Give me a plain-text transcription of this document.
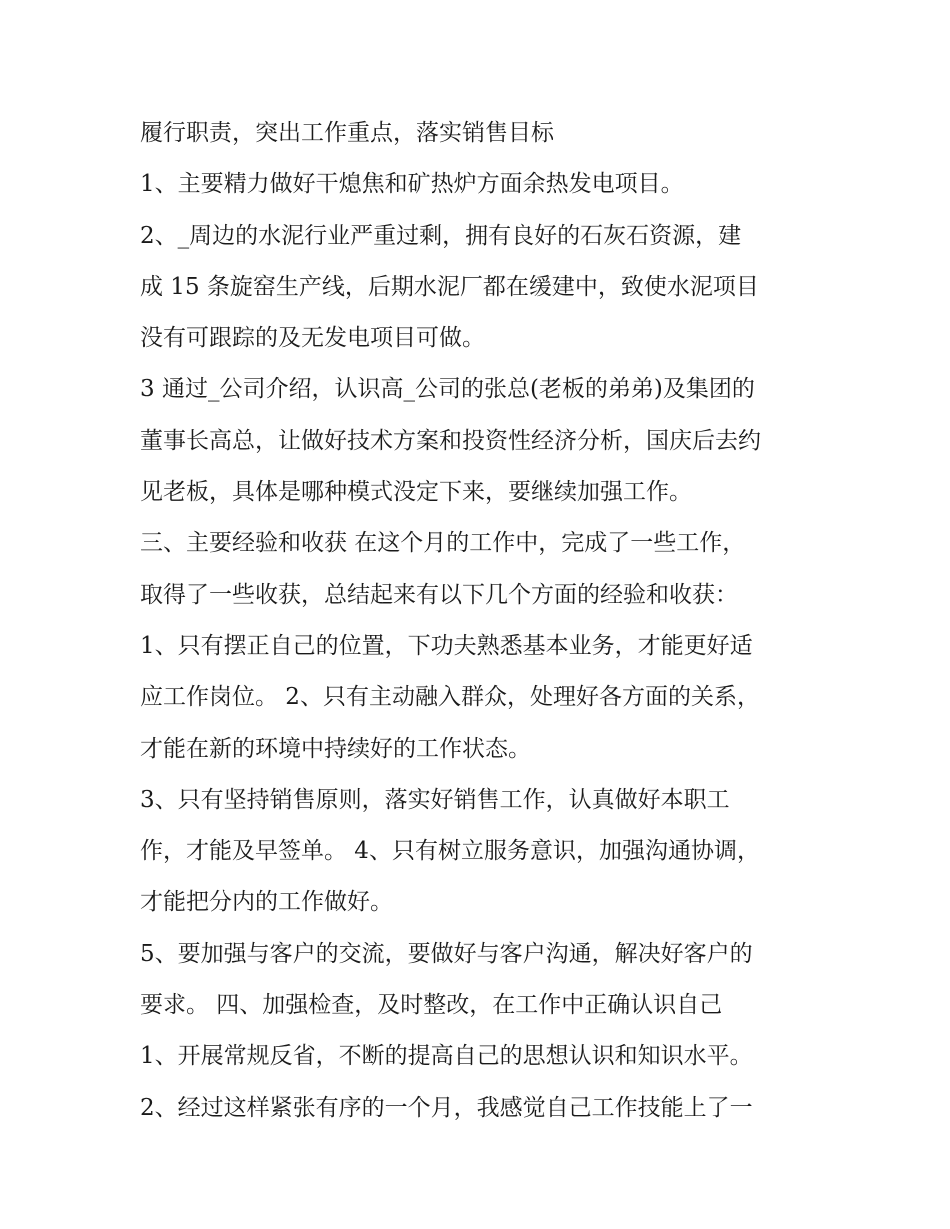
履行职责，突出工作重点，落实销售目标
1、主要精力做好干熄焦和矿热炉方面余热发电项目。
2、_周边的水泥行业严重过剩，拥有良好的石灰石资源，建
成 15 条旋窑生产线，后期水泥厂都在缓建中，致使水泥项目
没有可跟踪的及无发电项目可做。
3 通过_公司介绍，认识高_公司的张总(老板的弟弟)及集团的
董事长高总，让做好技术方案和投资性经济分析，国庆后去约
见老板，具体是哪种模式没定下来，要继续加强工作。
三、主要经验和收获 在这个月的工作中，完成了一些工作，
取得了一些收获，总结起来有以下几个方面的经验和收获：
1、只有摆正自己的位置，下功夫熟悉基本业务，才能更好适
应工作岗位。 2、只有主动融入群众，处理好各方面的关系，
才能在新的环境中持续好的工作状态。
3、只有坚持销售原则，落实好销售工作，认真做好本职工
作，才能及早签单。 4、只有树立服务意识，加强沟通协调，
才能把分内的工作做好。
5、要加强与客户的交流，要做好与客户沟通，解决好客户的
要求。 四、加强检查，及时整改，在工作中正确认识自己
1、开展常规反省，不断的提高自己的思想认识和知识水平。
2、经过这样紧张有序的一个月，我感觉自己工作技能上了一
